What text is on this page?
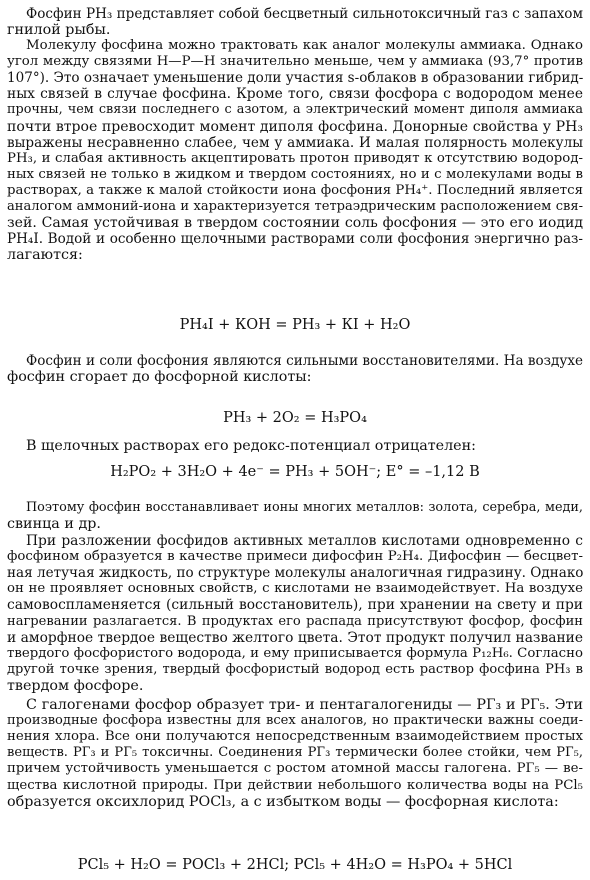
Фосфин РН₃ представляет собой бесцветный сильнотоксичный газ с запахом
гнилой рыбы.
Молекулу фосфина можно трактовать как аналог молекулы аммиака. Однако
угол между связями Н—Р—Н значительно меньше, чем у аммиака (93,7° против
107°). Это означает уменьшение доли участия s-облаков в образовании гибрид-
ных связей в случае фосфина. Кроме того, связи фосфора с водородом менее
прочны, чем связи последнего с азотом, а электрический момент диполя аммиака
почти втрое превосходит момент диполя фосфина. Донорные свойства у РН₃
выражены несравненно слабее, чем у аммиака. И малая полярность молекулы
РН₃, и слабая активность акцептировать протон приводят к отсутствию водород-
ных связей не только в жидком и твердом состояниях, но и с молекулами воды в
растворах, а также к малой стойкости иона фосфония РН₄⁺. Последний является
аналогом аммоний-иона и характеризуется тетраэдрическим расположением свя-
зей. Самая устойчивая в твердом состоянии соль фосфония — это его иодид
РН₄I. Водой и особенно щелочными растворами соли фосфония энергично раз-
лагаются:
Фосфин и соли фосфония являются сильными восстановителями. На воздухе
фосфин сгорает до фосфорной кислоты:
В щелочных растворах его редокс-потенциал отрицателен:
Поэтому фосфин восстанавливает ионы многих металлов: золота, серебра, меди,
свинца и др.
При разложении фосфидов активных металлов кислотами одновременно с
фосфином образуется в качестве примеси дифосфин Р₂Н₄. Дифосфин — бесцвет-
ная летучая жидкость, по структуре молекулы аналогичная гидразину. Однако
он не проявляет основных свойств, с кислотами не взаимодействует. На воздухе
самовоспламеняется (сильный восстановитель), при хранении на свету и при
нагревании разлагается. В продуктах его распада присутствуют фосфор, фосфин
и аморфное твердое вещество желтого цвета. Этот продукт получил название
твердого фосфористого водорода, и ему приписывается формула Р₁₂Н₆. Согласно
другой точке зрения, твердый фосфористый водород есть раствор фосфина РН₃ в
твердом фосфоре.
С галогенами фосфор образует три- и пентагалогениды — РГ₃ и РГ₅. Эти
производные фосфора известны для всех аналогов, но практически важны соеди-
нения хлора. Все они получаются непосредственным взаимодействием простых
веществ. РГ₃ и РГ₅ токсичны. Соединения РГ₃ термически более стойки, чем РГ₅,
причем устойчивость уменьшается с ростом атомной массы галогена. РГ₅ — ве-
щества кислотной природы. При действии небольшого количества воды на РCl₅
образуется оксихлорид РОCl₃, а с избытком воды — фосфорная кислота:
РН₄I + КОН = РН₃ + КI + Н₂О
РН₃ + 2О₂ = Н₃РО₄
Н₂РО₂ + 3Н₂О + 4e⁻ = РН₃ + 5ОН⁻; E° = –1,12 В
РCl₅ + Н₂О = РОCl₃ + 2НCl; РCl₅ + 4Н₂О = Н₃РО₄ + 5НCl
